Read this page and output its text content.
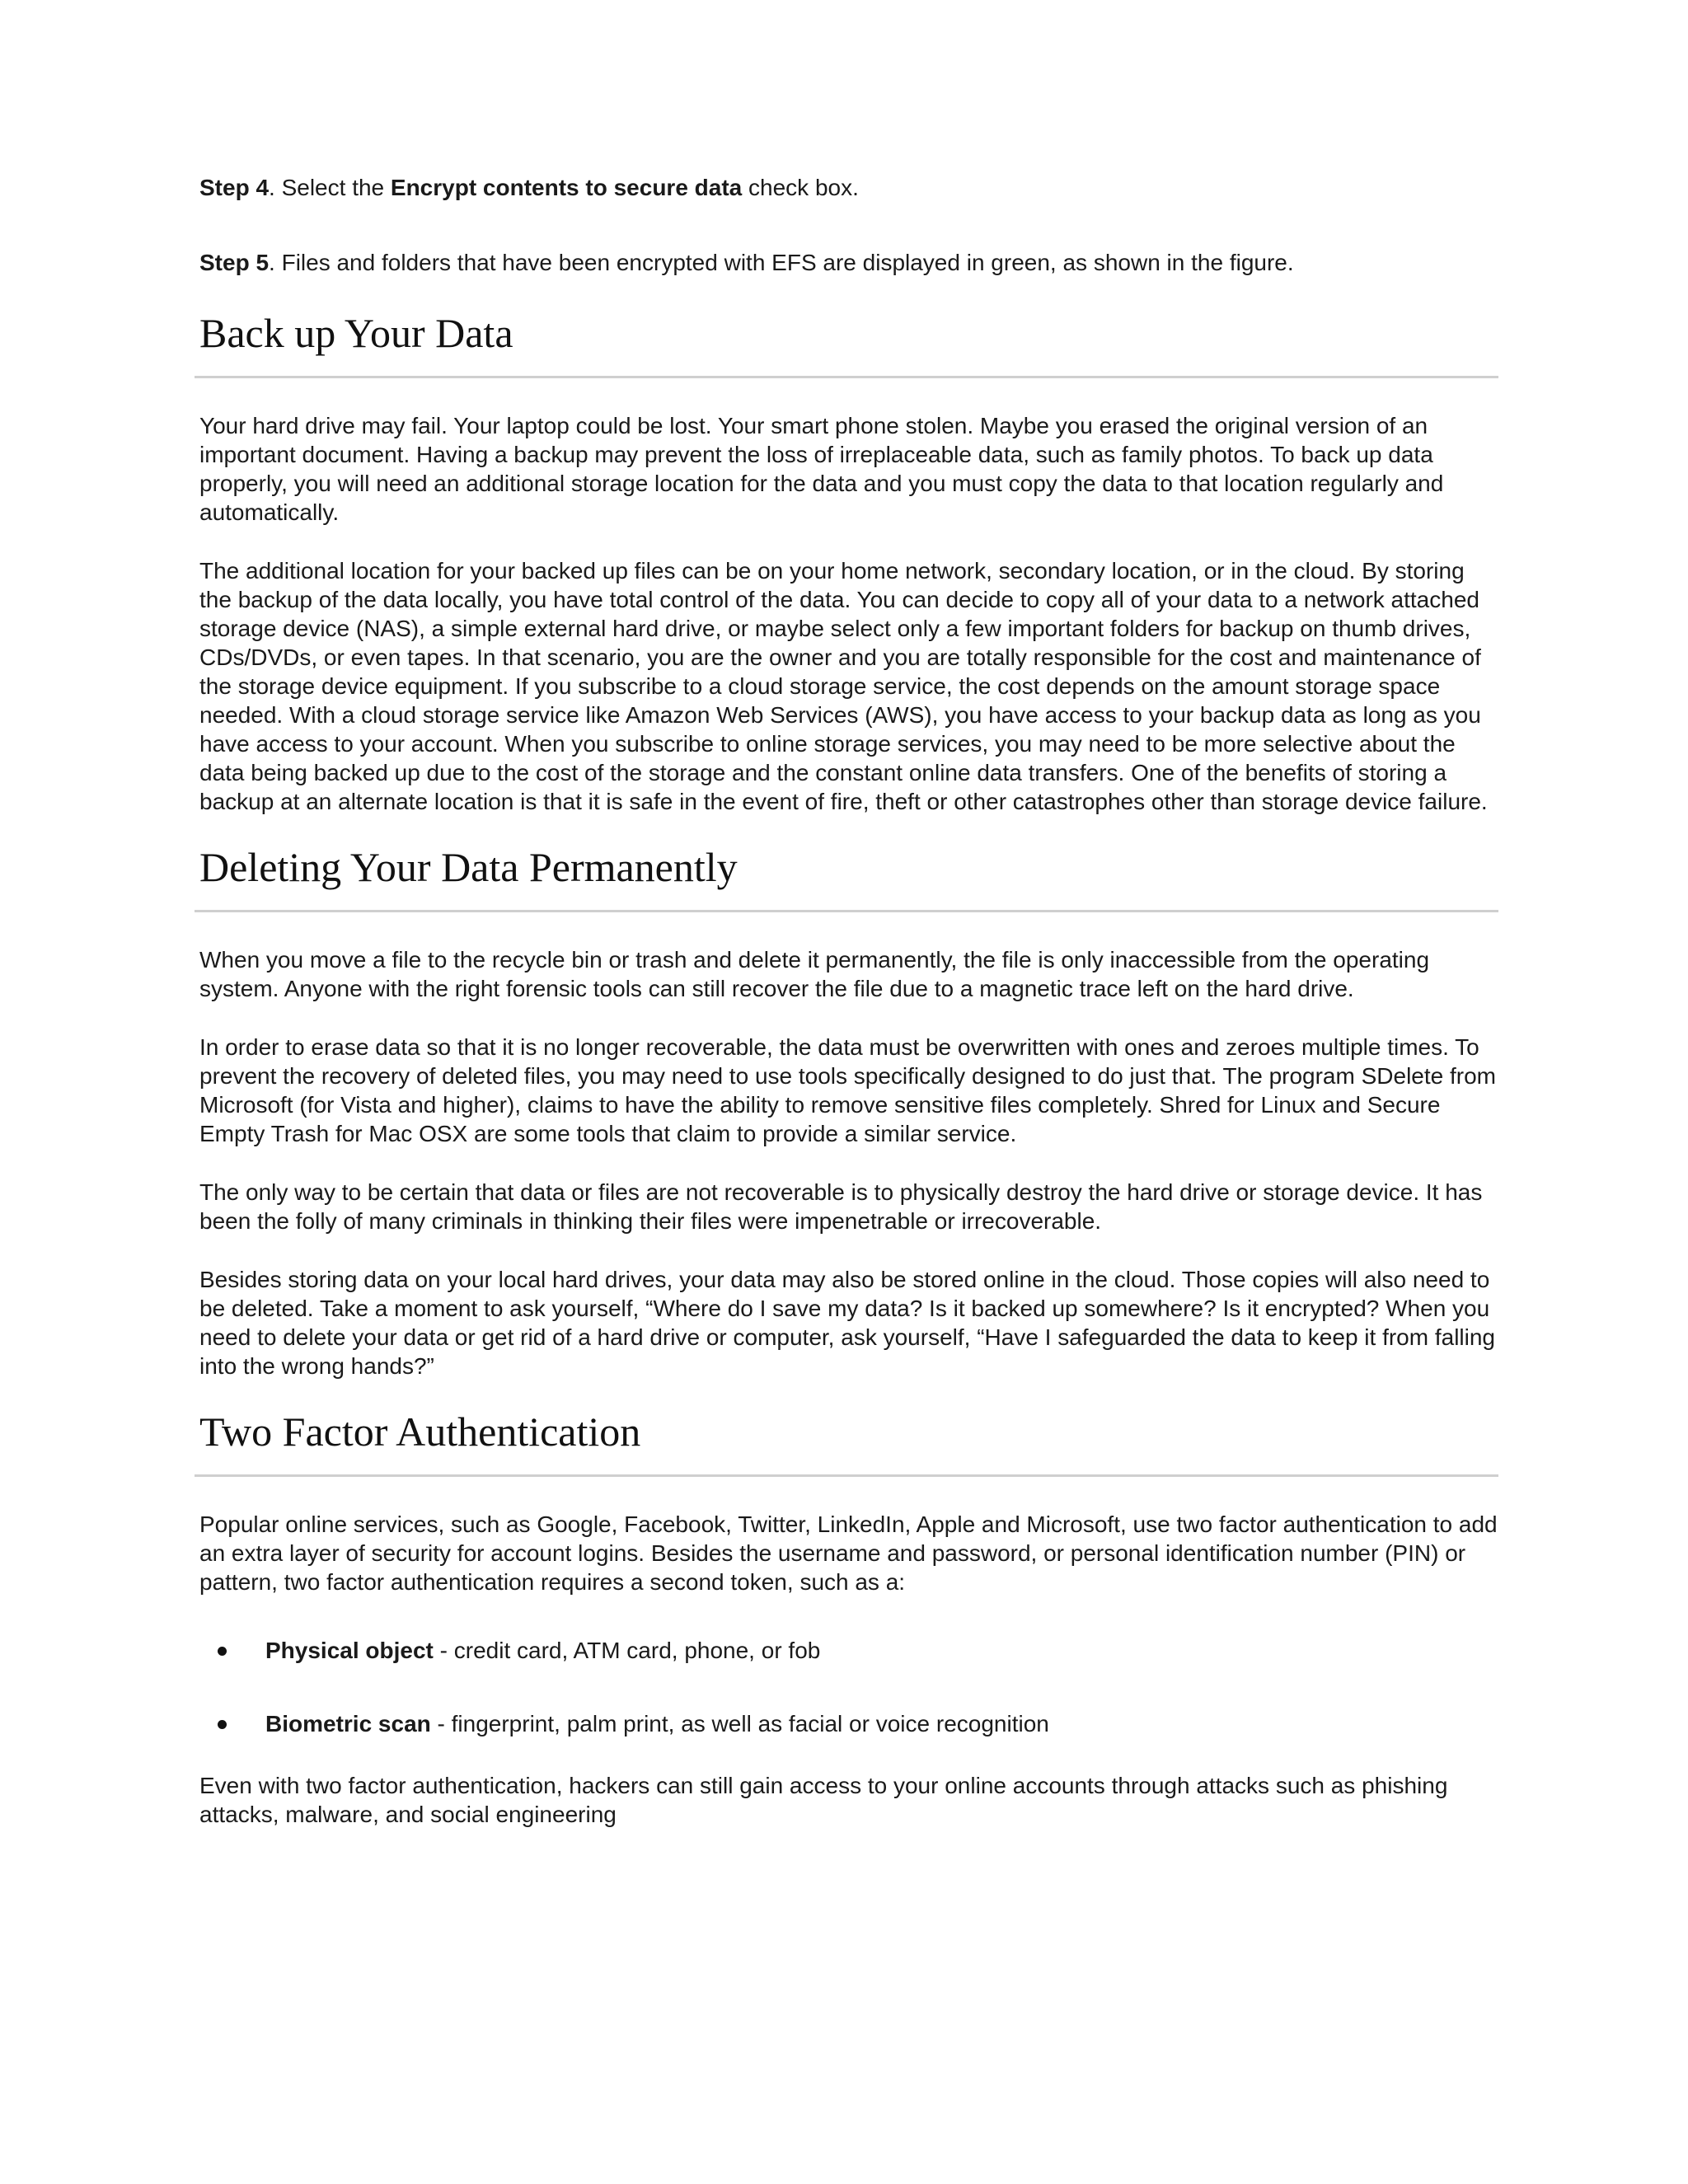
Step 4. Select the Encrypt contents to secure data check box.

Step 5. Files and folders that have been encrypted with EFS are displayed in green, as shown in the figure.

Back up Your Data

Your hard drive may fail. Your laptop could be lost. Your smart phone stolen. Maybe you erased the original version of an important document. Having a backup may prevent the loss of irreplaceable data, such as family photos. To back up data properly, you will need an additional storage location for the data and you must copy the data to that location regularly and automatically.

The additional location for your backed up files can be on your home network, secondary location, or in the cloud. By storing the backup of the data locally, you have total control of the data. You can decide to copy all of your data to a network attached storage device (NAS), a simple external hard drive, or maybe select only a few important folders for backup on thumb drives, CDs/DVDs, or even tapes. In that scenario, you are the owner and you are totally responsible for the cost and maintenance of the storage device equipment. If you subscribe to a cloud storage service, the cost depends on the amount storage space needed. With a cloud storage service like Amazon Web Services (AWS), you have access to your backup data as long as you have access to your account. When you subscribe to online storage services, you may need to be more selective about the data being backed up due to the cost of the storage and the constant online data transfers. One of the benefits of storing a backup at an alternate location is that it is safe in the event of fire, theft or other catastrophes other than storage device failure.

Deleting Your Data Permanently

When you move a file to the recycle bin or trash and delete it permanently, the file is only inaccessible from the operating system. Anyone with the right forensic tools can still recover the file due to a magnetic trace left on the hard drive.

In order to erase data so that it is no longer recoverable, the data must be overwritten with ones and zeroes multiple times. To prevent the recovery of deleted files, you may need to use tools specifically designed to do just that. The program SDelete from Microsoft (for Vista and higher), claims to have the ability to remove sensitive files completely. Shred for Linux and Secure Empty Trash for Mac OSX are some tools that claim to provide a similar service.

The only way to be certain that data or files are not recoverable is to physically destroy the hard drive or storage device. It has been the folly of many criminals in thinking their files were impenetrable or irrecoverable.

Besides storing data on your local hard drives, your data may also be stored online in the cloud. Those copies will also need to be deleted. Take a moment to ask yourself, “Where do I save my data? Is it backed up somewhere? Is it encrypted? When you need to delete your data or get rid of a hard drive or computer, ask yourself, “Have I safeguarded the data to keep it from falling into the wrong hands?”

Two Factor Authentication

Popular online services, such as Google, Facebook, Twitter, LinkedIn, Apple and Microsoft, use two factor authentication to add an extra layer of security for account logins. Besides the username and password, or personal identification number (PIN) or pattern, two factor authentication requires a second token, such as a:

Physical object - credit card, ATM card, phone, or fob
Biometric scan - fingerprint, palm print, as well as facial or voice recognition

Even with two factor authentication, hackers can still gain access to your online accounts through attacks such as phishing attacks, malware, and social engineering
